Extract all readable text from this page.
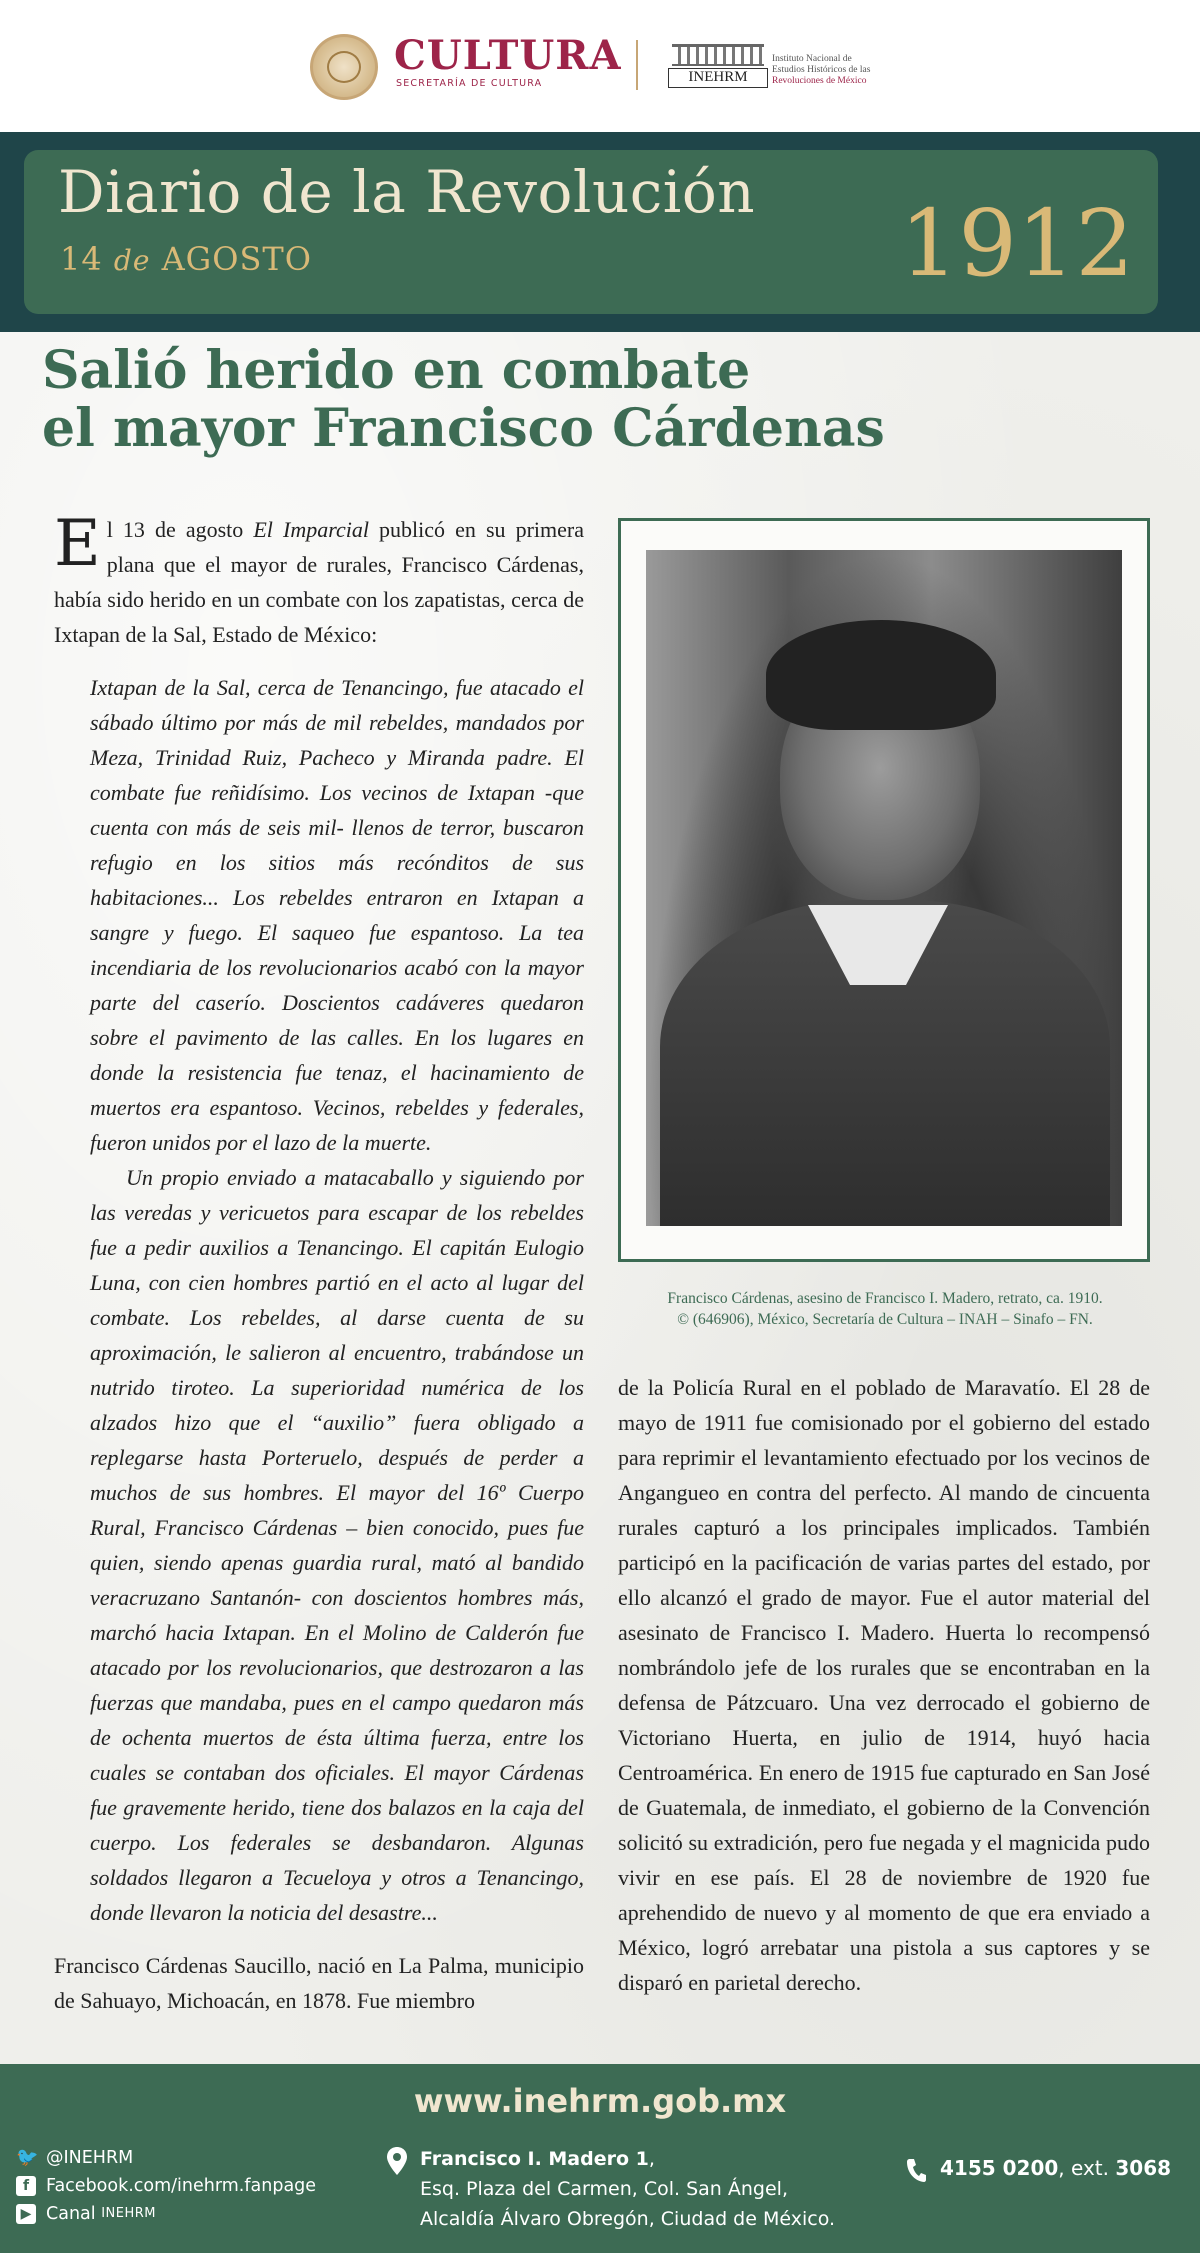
CULTURA
SECRETARÍA DE CULTURA	INEHRM
Instituto Nacional de
Estudios Históricos de las
Revoluciones de México
Diario de la Revolución
14 de AGOSTO	1912
Salió herido en combate
el mayor Francisco Cárdenas

El 13 de agosto El Imparcial publicó en su primera plana que el mayor de rurales, Francisco Cárdenas, había sido herido en un combate con los zapatistas, cerca de Ixtapan de la Sal, Estado de México:

Ixtapan de la Sal, cerca de Tenancingo, fue atacado el sábado último por más de mil rebeldes, mandados por Meza, Trinidad Ruiz, Pacheco y Miranda padre. El combate fue reñidísimo. Los vecinos de Ixtapan -que cuenta con más de seis mil- llenos de terror, buscaron refugio en los sitios más recónditos de sus habitaciones... Los rebeldes entraron en Ixtapan a sangre y fuego. El saqueo fue espantoso. La tea incendiaria de los revolucionarios acabó con la mayor parte del caserío. Doscientos cadáveres quedaron sobre el pavimento de las calles. En los lugares en donde la resistencia fue tenaz, el hacinamiento de muertos era espantoso. Vecinos, rebeldes y federales, fueron unidos por el lazo de la muerte.

Un propio enviado a matacaballo y siguiendo por las veredas y vericuetos para escapar de los rebeldes fue a pedir auxilios a Tenancingo. El capitán Eulogio Luna, con cien hombres partió en el acto al lugar del combate. Los rebeldes, al darse cuenta de su aproximación, le salieron al encuentro, trabándose un nutrido tiroteo. La superioridad numérica de los alzados hizo que el “auxilio” fuera obligado a replegarse hasta Porteruelo, después de perder a muchos de sus hombres. El mayor del 16º Cuerpo Rural, Francisco Cárdenas – bien conocido, pues fue quien, siendo apenas guardia rural, mató al bandido veracruzano Santanón- con doscientos hombres más, marchó hacia Ixtapan. En el Molino de Calderón fue atacado por los revolucionarios, que destrozaron a las fuerzas que mandaba, pues en el campo quedaron más de ochenta muertos de ésta última fuerza, entre los cuales se contaban dos oficiales. El mayor Cárdenas fue gravemente herido, tiene dos balazos en la caja del cuerpo. Los federales se desbandaron. Algunas soldados llegaron a Tecueloya y otros a Tenancingo, donde llevaron la noticia del desastre...

Francisco Cárdenas Saucillo, nació en La Palma, municipio de Sahuayo, Michoacán, en 1878. Fue miembro

Francisco Cárdenas, asesino de Francisco I. Madero, retrato, ca. 1910.
© (646906), México, Secretaría de Cultura – INAH – Sinafo – FN.

de la Policía Rural en el poblado de Maravatío. El 28 de mayo de 1911 fue comisionado por el gobierno del estado para reprimir el levantamiento efectuado por los vecinos de Angangueo en contra del perfecto. Al mando de cincuenta rurales capturó a los principales implicados. También participó en la pacificación de varias partes del estado, por ello alcanzó el grado de mayor. Fue el autor material del asesinato de Francisco I. Madero. Huerta lo recompensó nombrándolo jefe de los rurales que se encontraban en la defensa de Pátzcuaro. Una vez derrocado el gobierno de Victoriano Huerta, en julio de 1914, huyó hacia Centroamérica. En enero de 1915 fue capturado en San José de Guatemala, de inmediato, el gobierno de la Convención solicitó su extradición, pero fue negada y el magnicida pudo vivir en ese país. El 28 de noviembre de 1920 fue aprehendido de nuevo y al momento de que era enviado a México, logró arrebatar una pistola a sus captores y se disparó en parietal derecho.

www.inehrm.gob.mx
🐦 @INEHRM
f Facebook.com/inehrm.fanpage
▶ Canal
INEHRM
Francisco I. Madero 1,
Esq. Plaza del Carmen, Col. San Ángel,
Alcaldía Álvaro Obregón, Ciudad de México.
4155 0200, ext. 3068
